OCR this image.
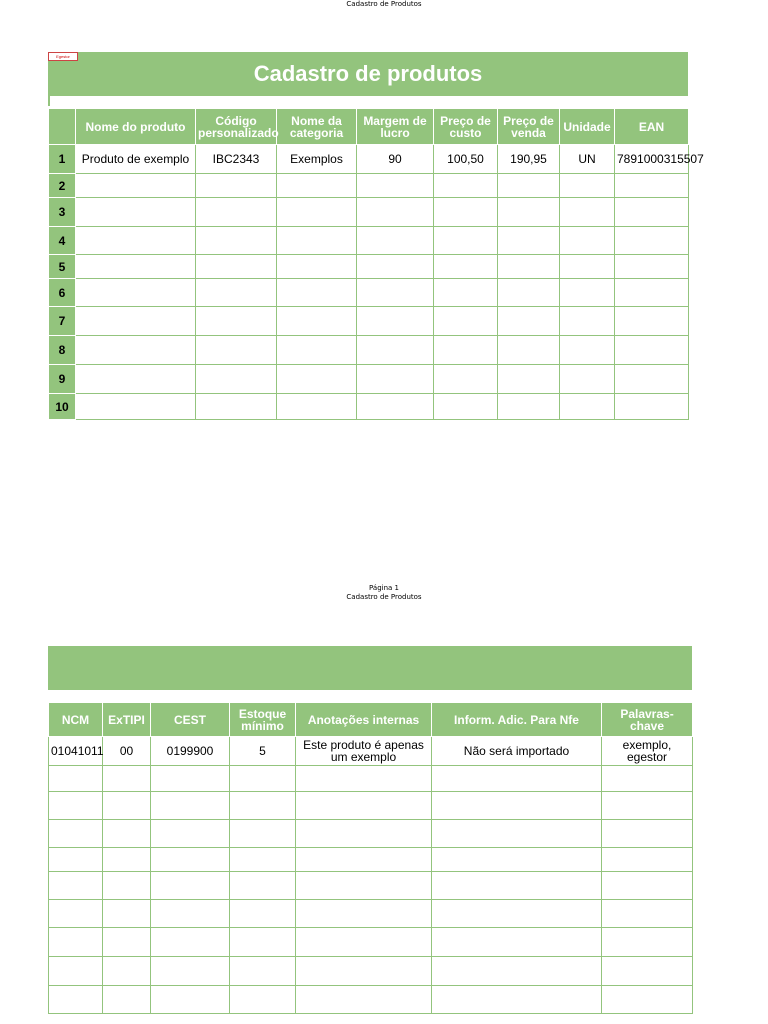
Cadastro de Produtos
Cadastro de produtos
Egestor
	Nome do produto	Código personalizado	Nome da categoria	Margem de lucro	Preço de custo	Preço de venda	Unidade	EAN
1	Produto de exemplo	IBC2343	Exemplos	90	100,50	190,95	UN	7891000315507
2								
3								
4								
5								
6								
7								
8								
9								
10								
Página 1
Cadastro de Produtos
NCM	ExTIPI	CEST	Estoque mínimo	Anotações internas	Inform. Adic. Para Nfe	Palavras-chave
01041011	00	0199900	5	Este produto é apenas um exemplo	Não será importado	exemplo, egestor
